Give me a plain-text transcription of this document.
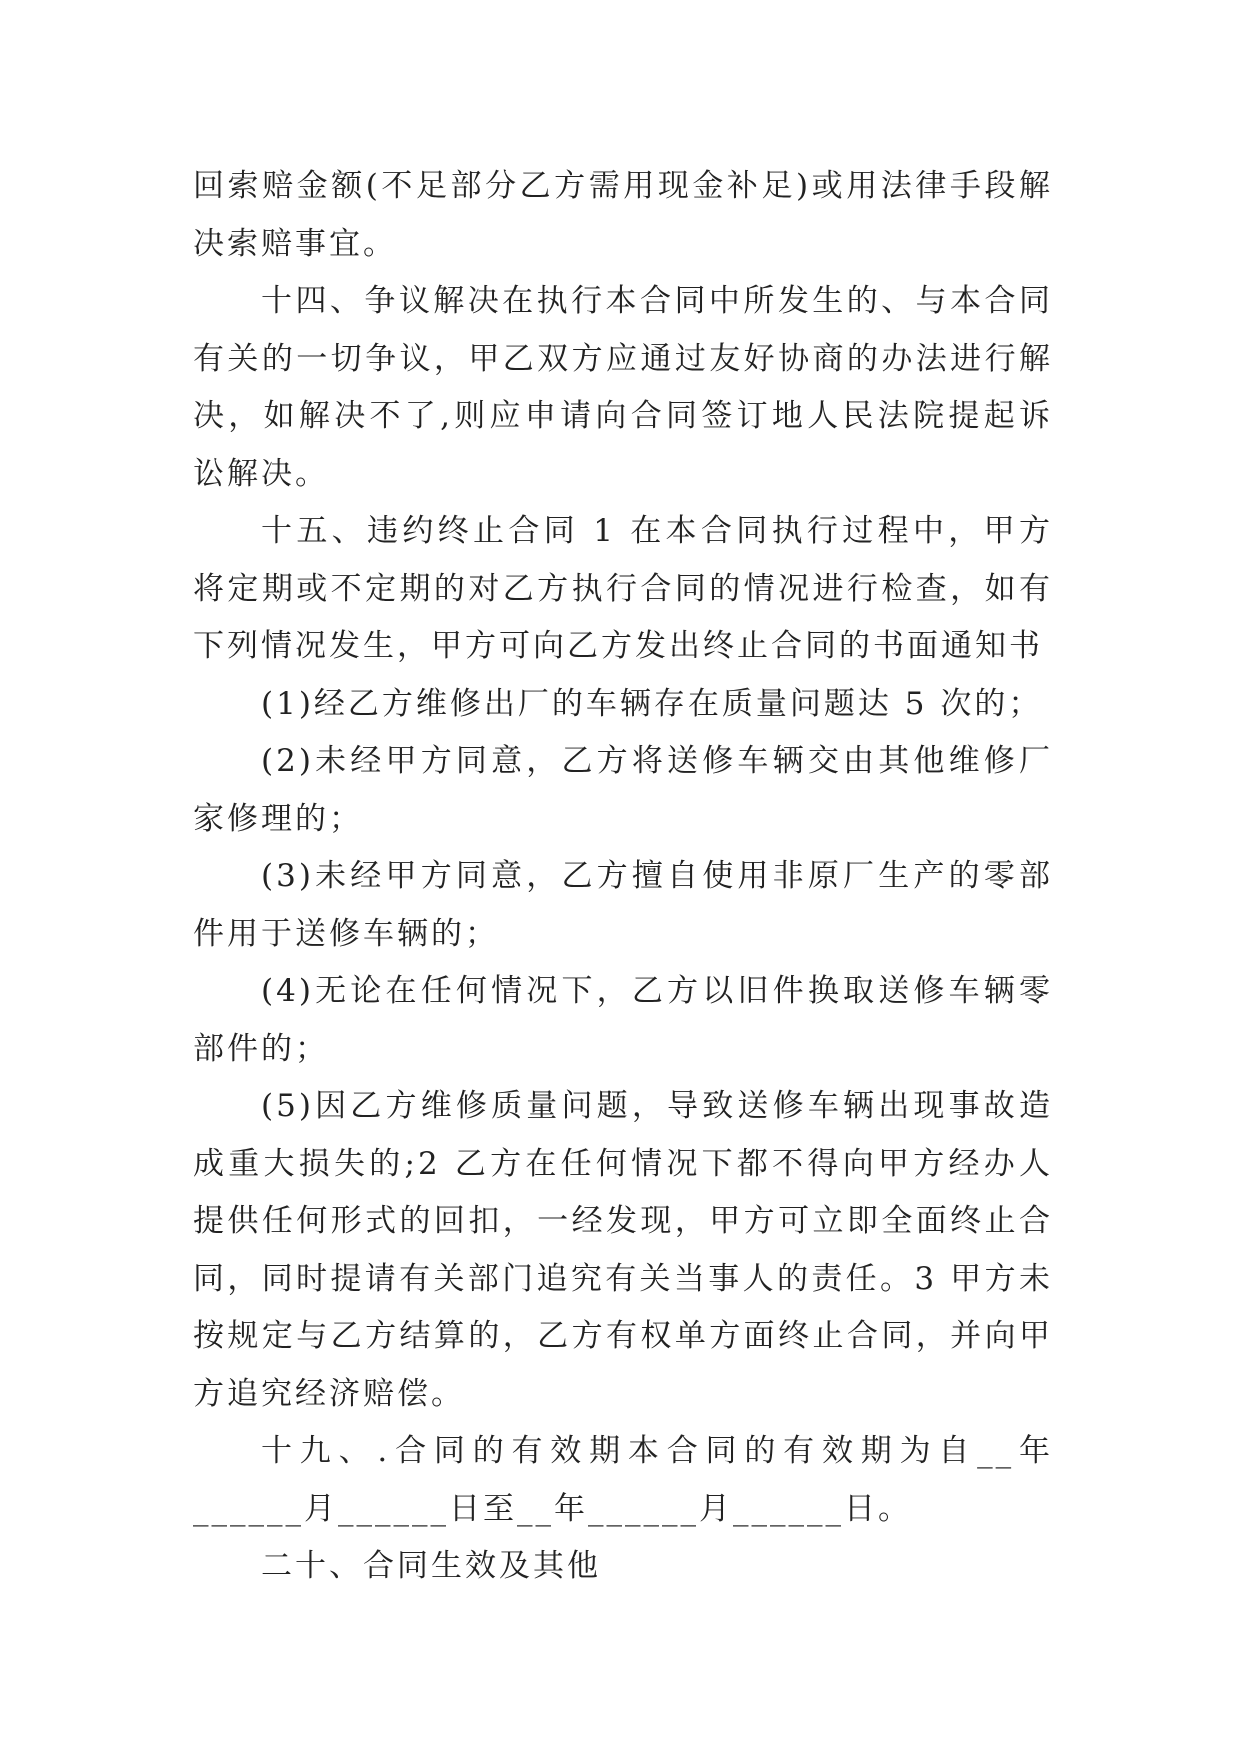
回索赔金额(不足部分乙方需用现金补足)或用法律手段解决索赔事宜。

十四、争议解决在执行本合同中所发生的、与本合同有关的一切争议，甲乙双方应通过友好协商的办法进行解决，如解决不了,则应申请向合同签订地人民法院提起诉讼解决。

十五、违约终止合同 1 在本合同执行过程中，甲方将定期或不定期的对乙方执行合同的情况进行检查，如有下列情况发生，甲方可向乙方发出终止合同的书面通知书

(1)经乙方维修出厂的车辆存在质量问题达 5 次的；

(2)未经甲方同意，乙方将送修车辆交由其他维修厂家修理的；

(3)未经甲方同意，乙方擅自使用非原厂生产的零部件用于送修车辆的；

(4)无论在任何情况下，乙方以旧件换取送修车辆零部件的；

(5)因乙方维修质量问题，导致送修车辆出现事故造成重大损失的;2 乙方在任何情况下都不得向甲方经办人提供任何形式的回扣，一经发现，甲方可立即全面终止合同，同时提请有关部门追究有关当事人的责任。3 甲方未按规定与乙方结算的，乙方有权单方面终止合同，并向甲方追究经济赔偿。

十九、.合同的有效期本合同的有效期为自__年______月______日至__年______月______日。

二十、合同生效及其他
